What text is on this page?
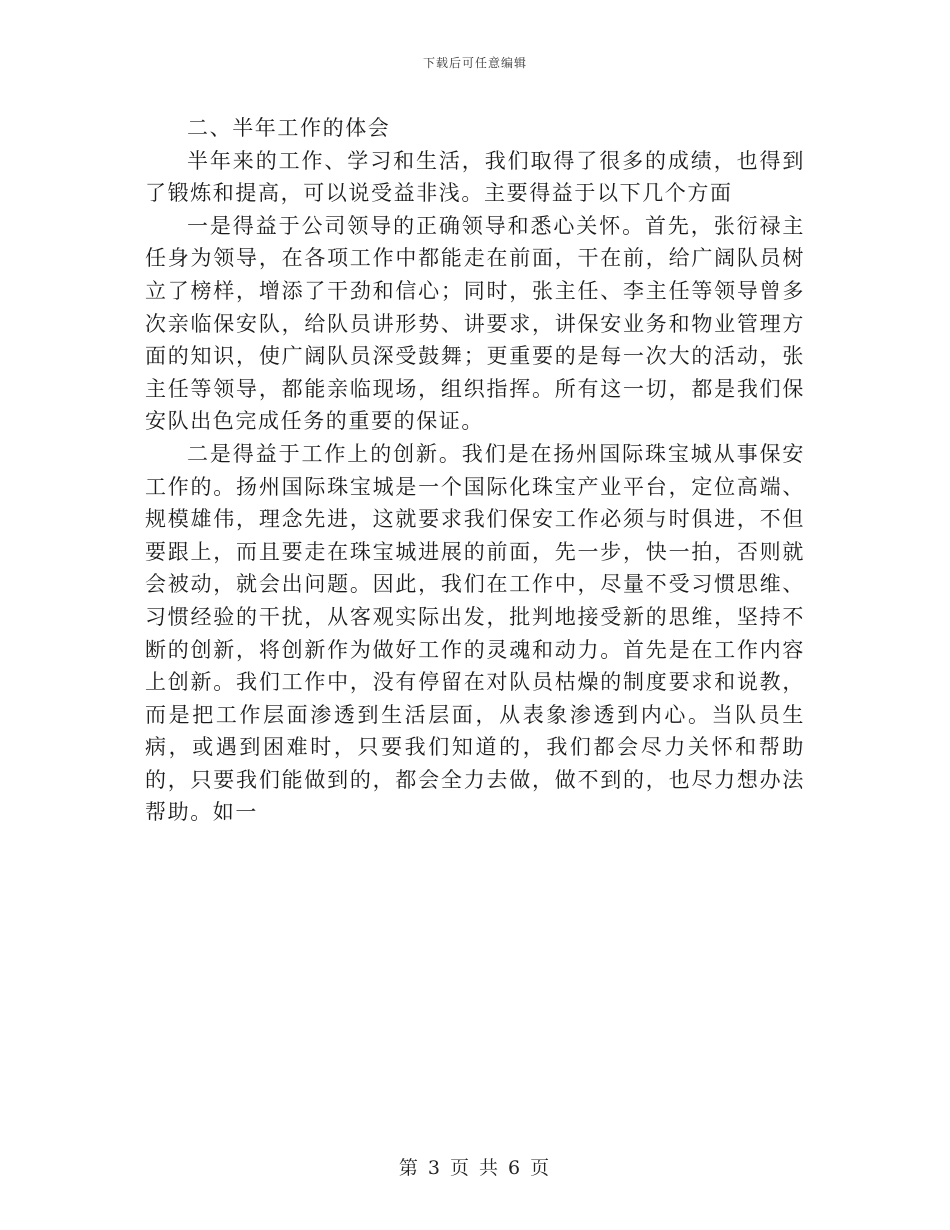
下载后可任意编辑

二、半年工作的体会

半年来的工作、学习和生活，我们取得了很多的成绩，也得到了锻炼和提高，可以说受益非浅。主要得益于以下几个方面

一是得益于公司领导的正确领导和悉心关怀。首先，张衍禄主任身为领导，在各项工作中都能走在前面，干在前，给广阔队员树立了榜样，增添了干劲和信心；同时，张主任、李主任等领导曾多次亲临保安队，给队员讲形势、讲要求，讲保安业务和物业管理方面的知识，使广阔队员深受鼓舞；更重要的是每一次大的活动，张主任等领导，都能亲临现场，组织指挥。所有这一切，都是我们保安队出色完成任务的重要的保证。

二是得益于工作上的创新。我们是在扬州国际珠宝城从事保安工作的。扬州国际珠宝城是一个国际化珠宝产业平台，定位高端、规模雄伟，理念先进，这就要求我们保安工作必须与时俱进，不但要跟上，而且要走在珠宝城进展的前面，先一步，快一拍，否则就会被动，就会出问题。因此，我们在工作中，尽量不受习惯思维、习惯经验的干扰，从客观实际出发，批判地接受新的思维，坚持不断的创新，将创新作为做好工作的灵魂和动力。首先是在工作内容上创新。我们工作中，没有停留在对队员枯燥的制度要求和说教，而是把工作层面渗透到生活层面，从表象渗透到内心。当队员生病，或遇到困难时，只要我们知道的，我们都会尽力关怀和帮助的，只要我们能做到的，都会全力去做，做不到的，也尽力想办法帮助。如一

第 3 页 共 6 页
